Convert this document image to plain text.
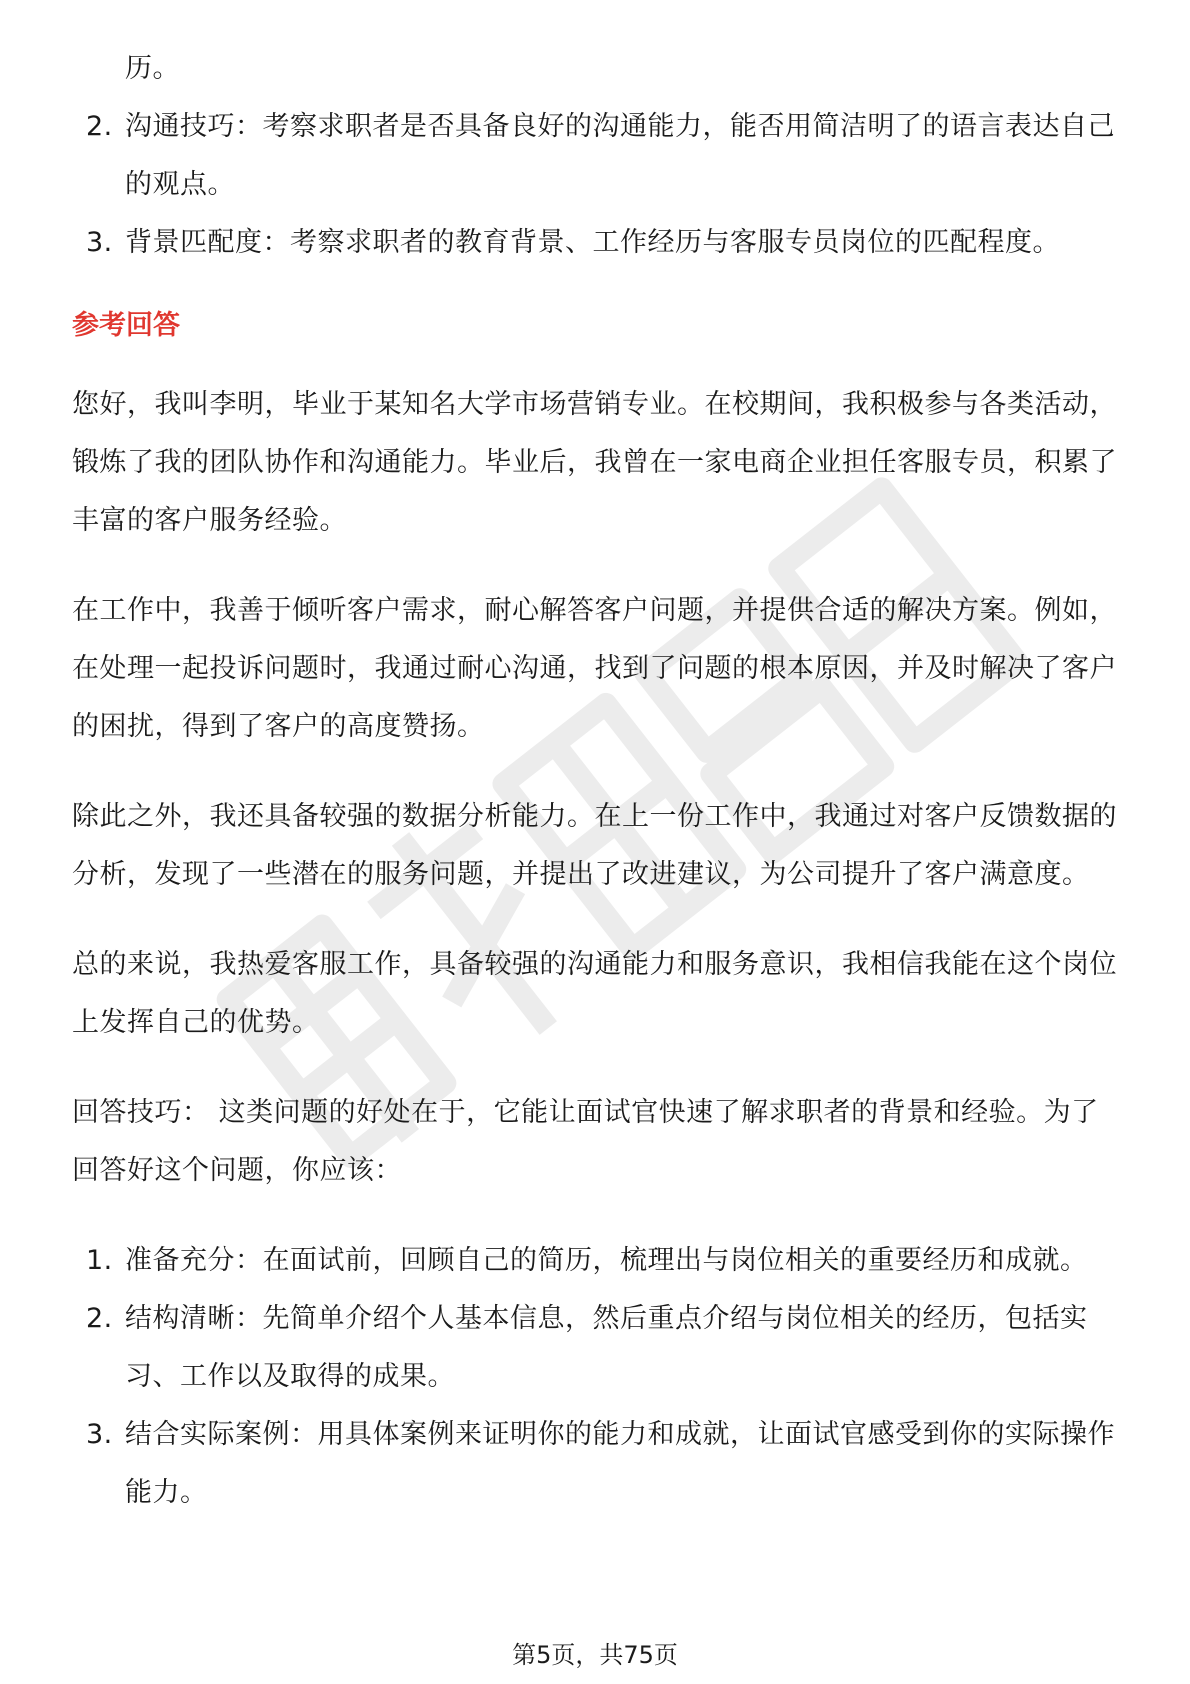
历。

2. 沟通技巧：考察求职者是否具备良好的沟通能力，能否用简洁明了的语言表达自己的观点。
3. 背景匹配度：考察求职者的教育背景、工作经历与客服专员岗位的匹配程度。
参考回答

您好，我叫李明，毕业于某知名大学市场营销专业。在校期间，我积极参与各类活动，锻炼了我的团队协作和沟通能力。毕业后，我曾在一家电商企业担任客服专员，积累了丰富的客户服务经验。

在工作中，我善于倾听客户需求，耐心解答客户问题，并提供合适的解决方案。例如，在处理一起投诉问题时，我通过耐心沟通，找到了问题的根本原因，并及时解决了客户的困扰，得到了客户的高度赞扬。

除此之外，我还具备较强的数据分析能力。在上一份工作中，我通过对客户反馈数据的分析，发现了一些潜在的服务问题，并提出了改进建议，为公司提升了客户满意度。

总的来说，我热爱客服工作，具备较强的沟通能力和服务意识，我相信我能在这个岗位上发挥自己的优势。

回答技巧： 这类问题的好处在于，它能让面试官快速了解求职者的背景和经验。为了回答好这个问题，你应该：

1. 准备充分：在面试前，回顾自己的简历，梳理出与岗位相关的重要经历和成就。
2. 结构清晰：先简单介绍个人基本信息，然后重点介绍与岗位相关的经历，包括实习、工作以及取得的成果。
3. 结合实际案例：用具体案例来证明你的能力和成就，让面试官感受到你的实际操作能力。
第5页，共75页
